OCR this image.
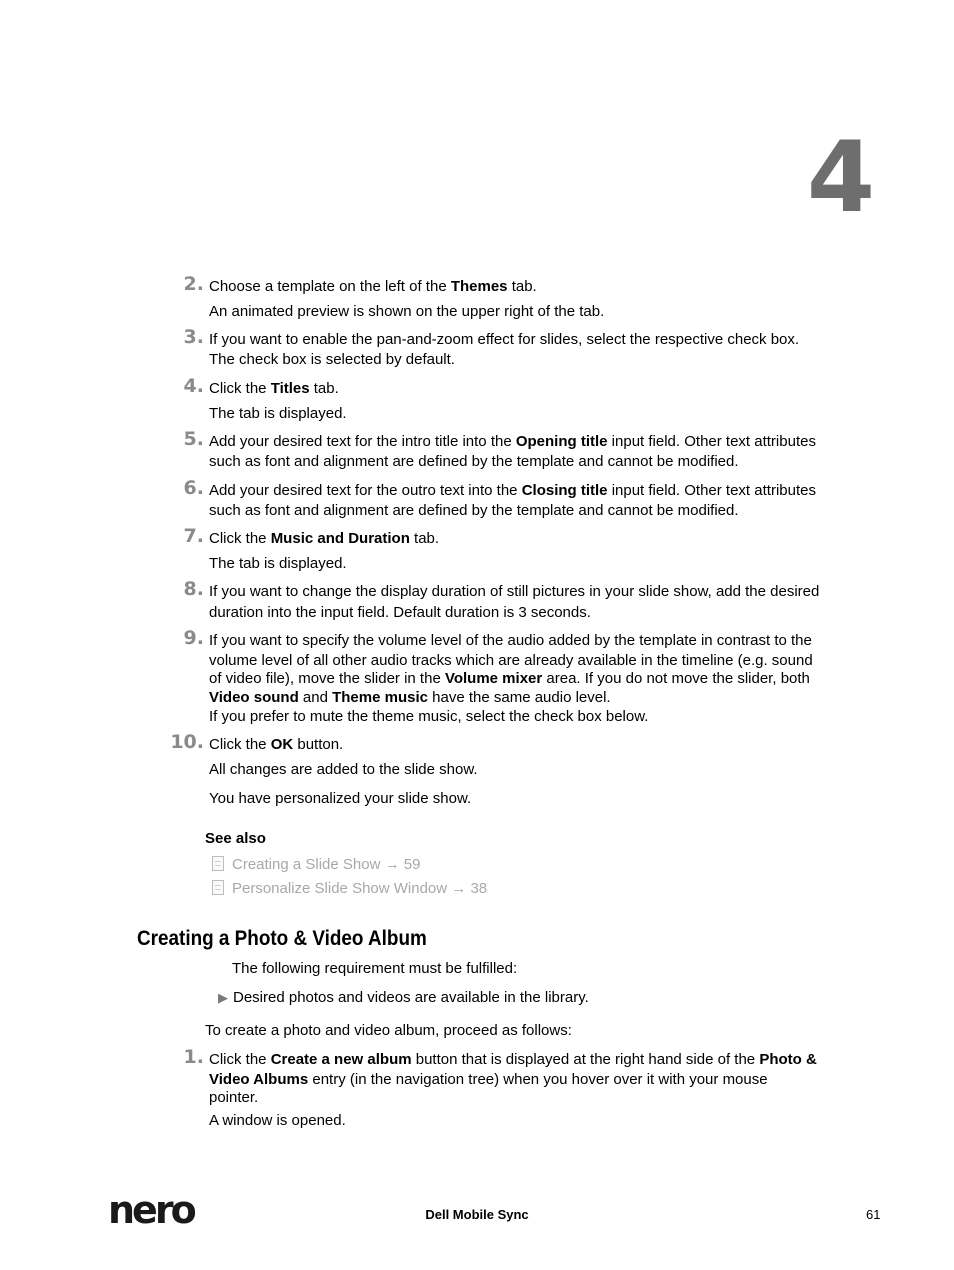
4
2. Choose a template on the left of the Themes tab.
An animated preview is shown on the upper right of the tab.
3. If you want to enable the pan-and-zoom effect for slides, select the respective check box.
The check box is selected by default.
4. Click the Titles tab.
The tab is displayed.
5. Add your desired text for the intro title into the Opening title input field. Other text attributes
such as font and alignment are defined by the template and cannot be modified.
6. Add your desired text for the outro text into the Closing title input field. Other text attributes
such as font and alignment are defined by the template and cannot be modified.
7. Click the Music and Duration tab.
The tab is displayed.
8. If you want to change the display duration of still pictures in your slide show, add the desired
duration into the input field. Default duration is 3 seconds.
9. If you want to specify the volume level of the audio added by the template in contrast to the
volume level of all other audio tracks which are already available in the timeline (e.g. sound
of video file), move the slider in the Volume mixer area. If you do not move the slider, both
Video sound and Theme music have the same audio level.
If you prefer to mute the theme music, select the check box below.
10. Click the OK button.
All changes are added to the slide show.
You have personalized your slide show.
See also
Creating a Slide Show → 59
Personalize Slide Show Window → 38
Creating a Photo & Video Album
The following requirement must be fulfilled:
▶ Desired photos and videos are available in the library.
To create a photo and video album, proceed as follows:
1. Click the Create a new album button that is displayed at the right hand side of the Photo &
Video Albums entry (in the navigation tree) when you hover over it with your mouse
pointer.
A window is opened.
nero	Dell Mobile Sync	61
